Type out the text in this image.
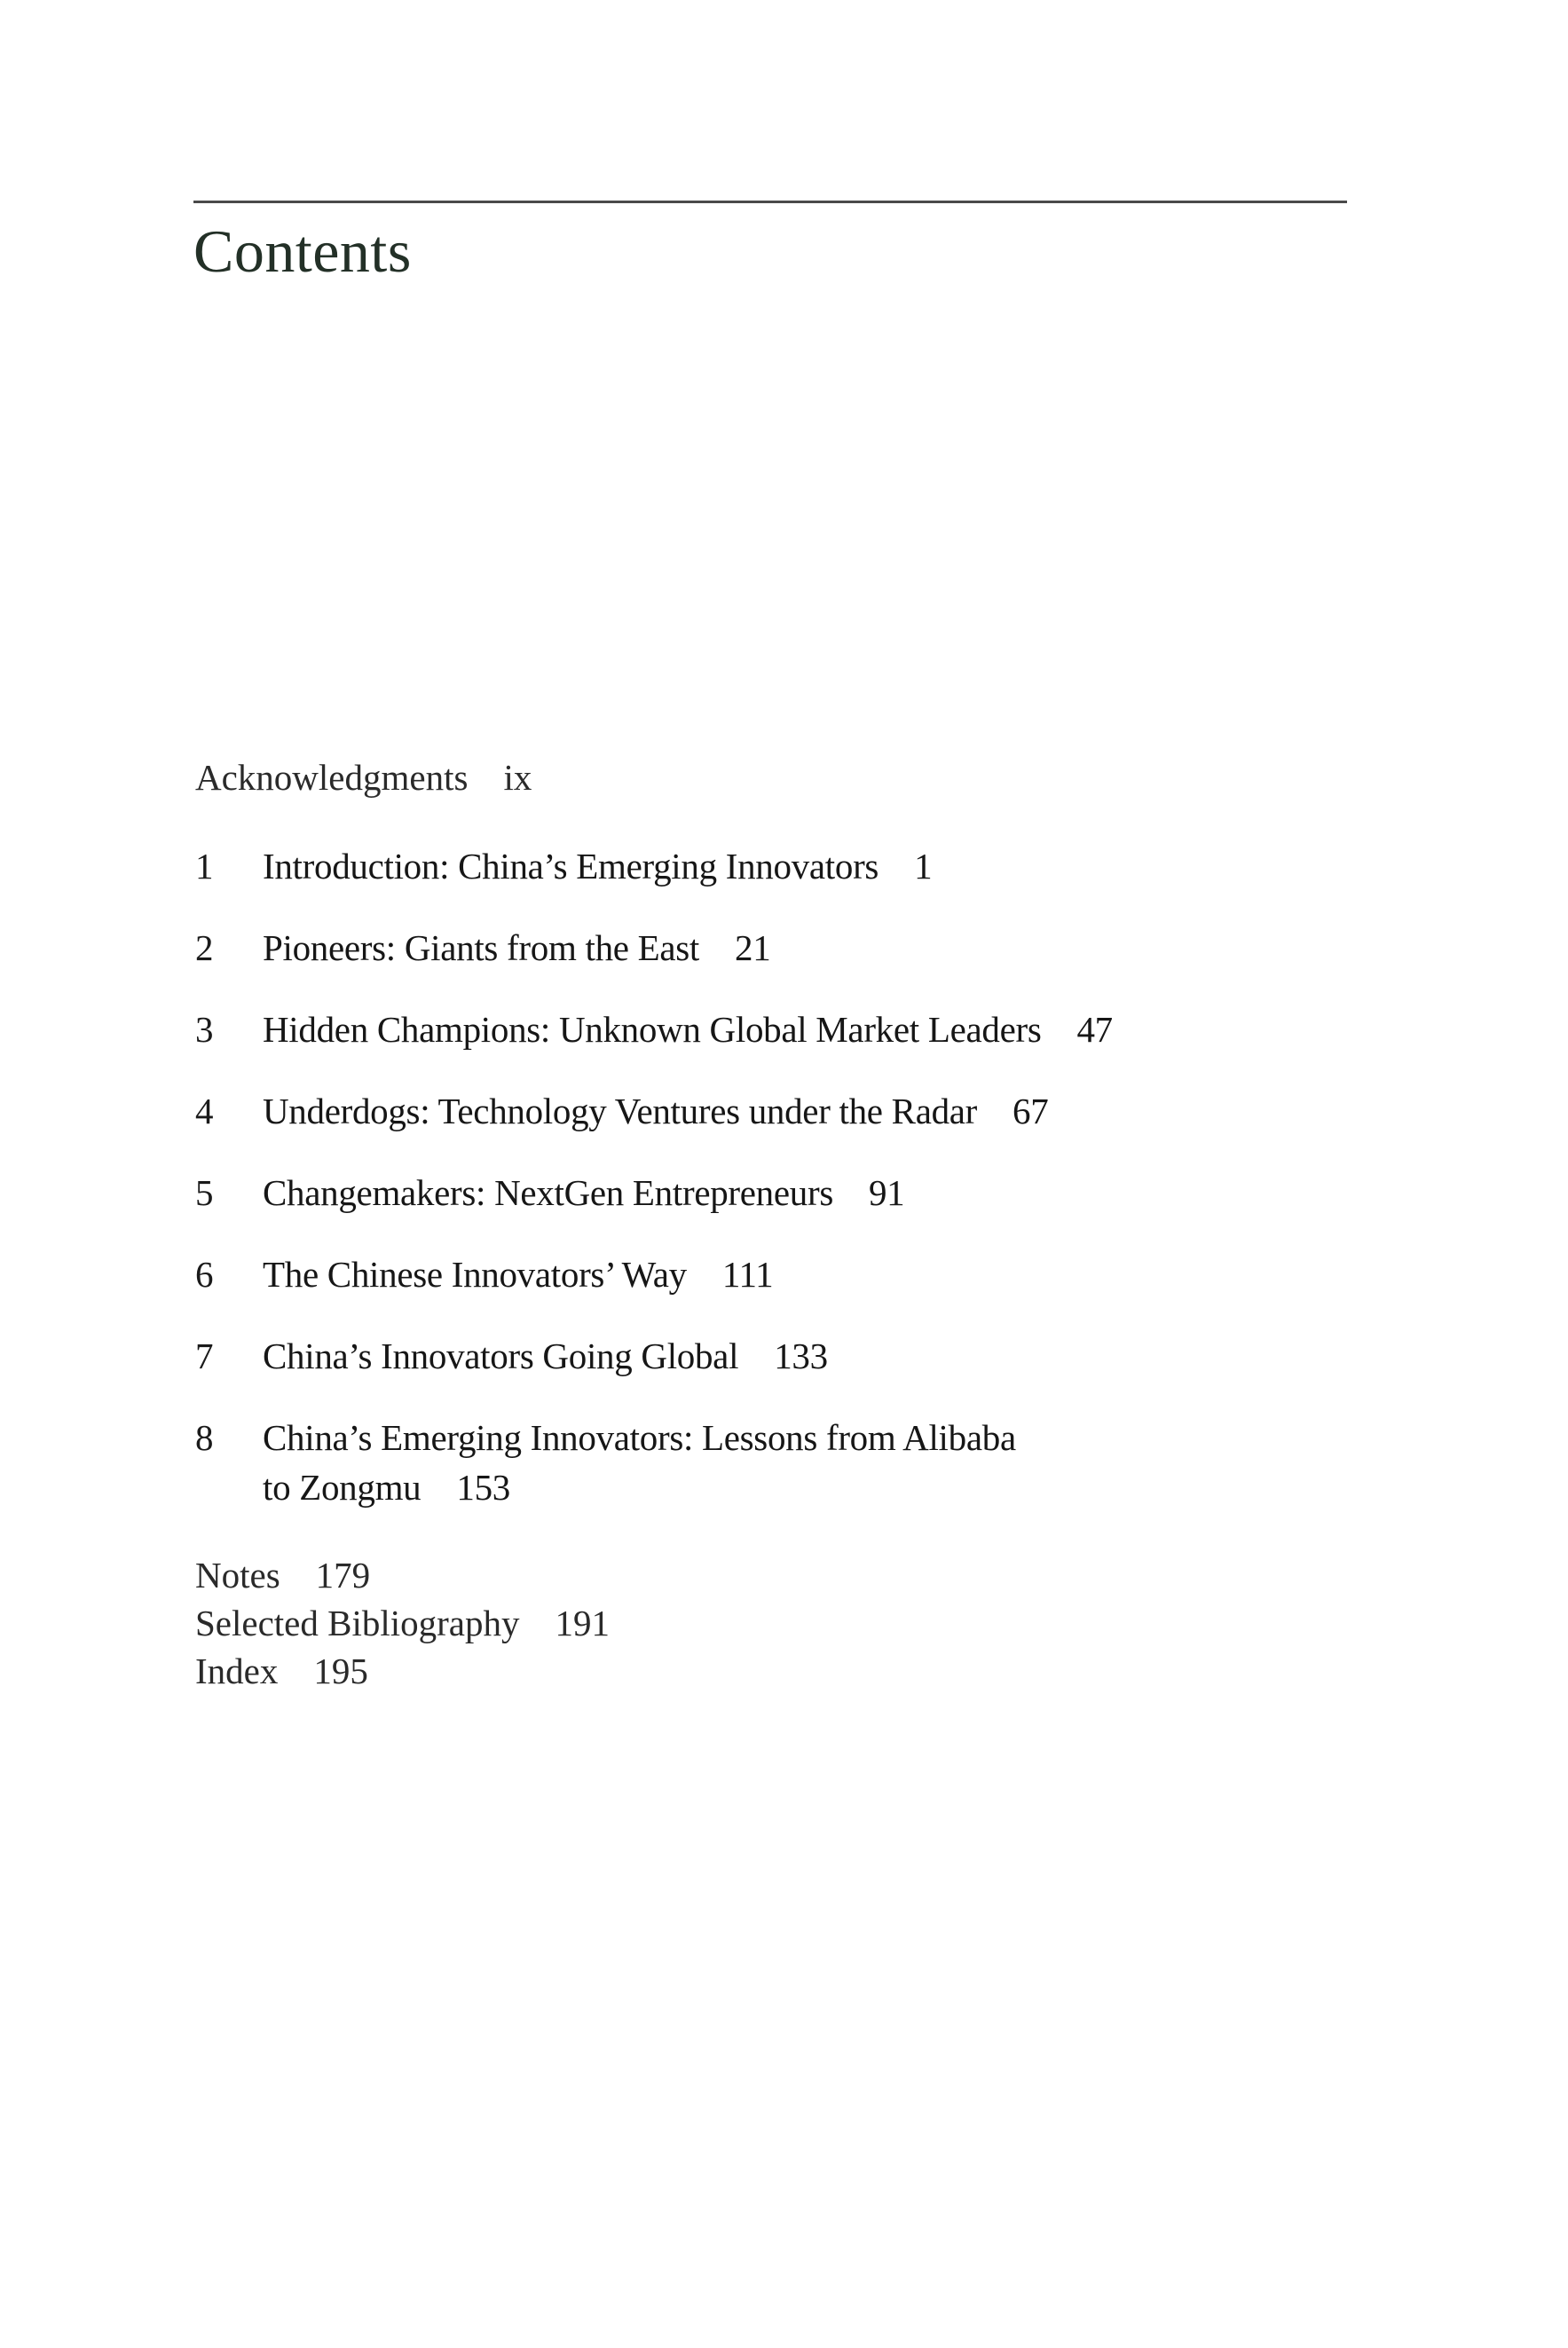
Contents
Acknowledgments ix
1 Introduction: China’s Emerging Innovators 1
2 Pioneers: Giants from the East 21
3 Hidden Champions: Unknown Global Market Leaders 47
4 Underdogs: Technology Ventures under the Radar 67
5 Changemakers: NextGen Entrepreneurs 91
6 The Chinese Innovators’ Way 111
7 China’s Innovators Going Global 133
8 China’s Emerging Innovators: Lessons from Alibaba
to Zongmu 153
Notes 179
Selected Bibliography 191
Index 195
